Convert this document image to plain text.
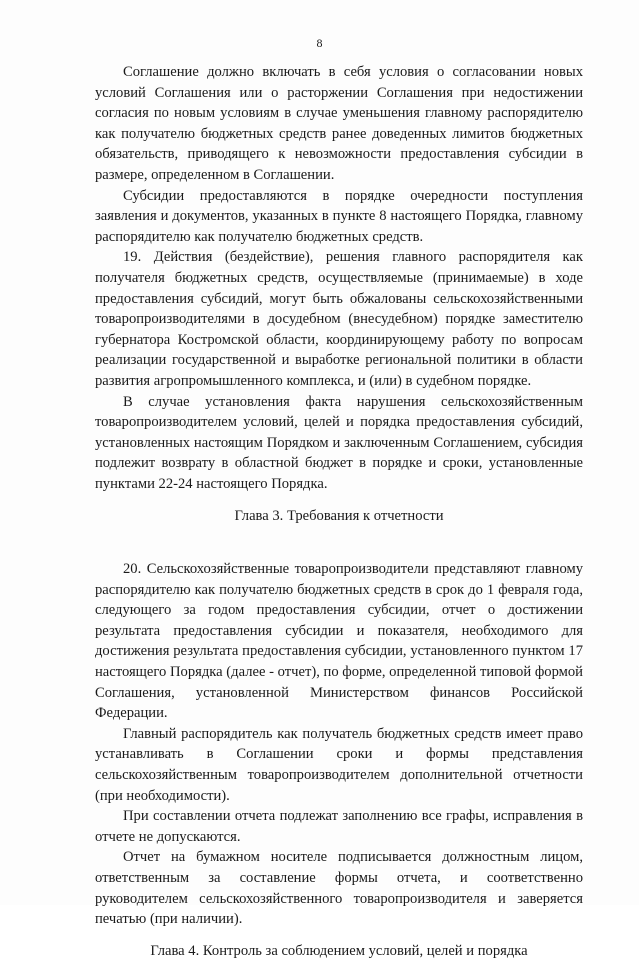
8

Соглашение должно включать в себя условия о согласовании новых условий Соглашения или о расторжении Соглашения при недостижении согласия по новым условиям в случае уменьшения главному распорядителю как получателю бюджетных средств ранее доведенных лимитов бюджетных обязательств, приводящего к невозможности предоставления субсидии в размере, определенном в Соглашении.

Субсидии предоставляются в порядке очередности поступления заявления и документов, указанных в пункте 8 настоящего Порядка, главному распорядителю как получателю бюджетных средств.

19. Действия (бездействие), решения главного распорядителя как получателя бюджетных средств, осуществляемые (принимаемые) в ходе предоставления субсидий, могут быть обжалованы сельскохозяйственными товаропроизводителями в досудебном (внесудебном) порядке заместителю губернатора Костромской области, координирующему работу по вопросам реализации государственной и выработке региональной политики в области развития агропромышленного комплекса, и (или) в судебном порядке.

В случае установления факта нарушения сельскохозяйственным товаропроизводителем условий, целей и порядка предоставления субсидий, установленных настоящим Порядком и заключенным Соглашением, субсидия подлежит возврату в областной бюджет в порядке и сроки, установленные пунктами 22-24 настоящего Порядка.

Глава 3. Требования к отчетности

20. Сельскохозяйственные товаропроизводители представляют главному распорядителю как получателю бюджетных средств в срок до 1 февраля года, следующего за годом предоставления субсидии, отчет о достижении результата предоставления субсидии и показателя, необходимого для достижения результата предоставления субсидии, установленного пунктом 17 настоящего Порядка (далее - отчет), по форме, определенной типовой формой Соглашения, установленной Министерством финансов Российской Федерации.

Главный распорядитель как получатель бюджетных средств имеет право устанавливать в Соглашении сроки и формы представления сельскохозяйственным товаропроизводителем дополнительной отчетности (при необходимости).

При составлении отчета подлежат заполнению все графы, исправления в отчете не допускаются.

Отчет на бумажном носителе подписывается должностным лицом, ответственным за составление формы отчета, и соответственно руководителем сельскохозяйственного товаропроизводителя и заверяется печатью (при наличии).

Глава 4. Контроль за соблюдением условий, целей и порядка
